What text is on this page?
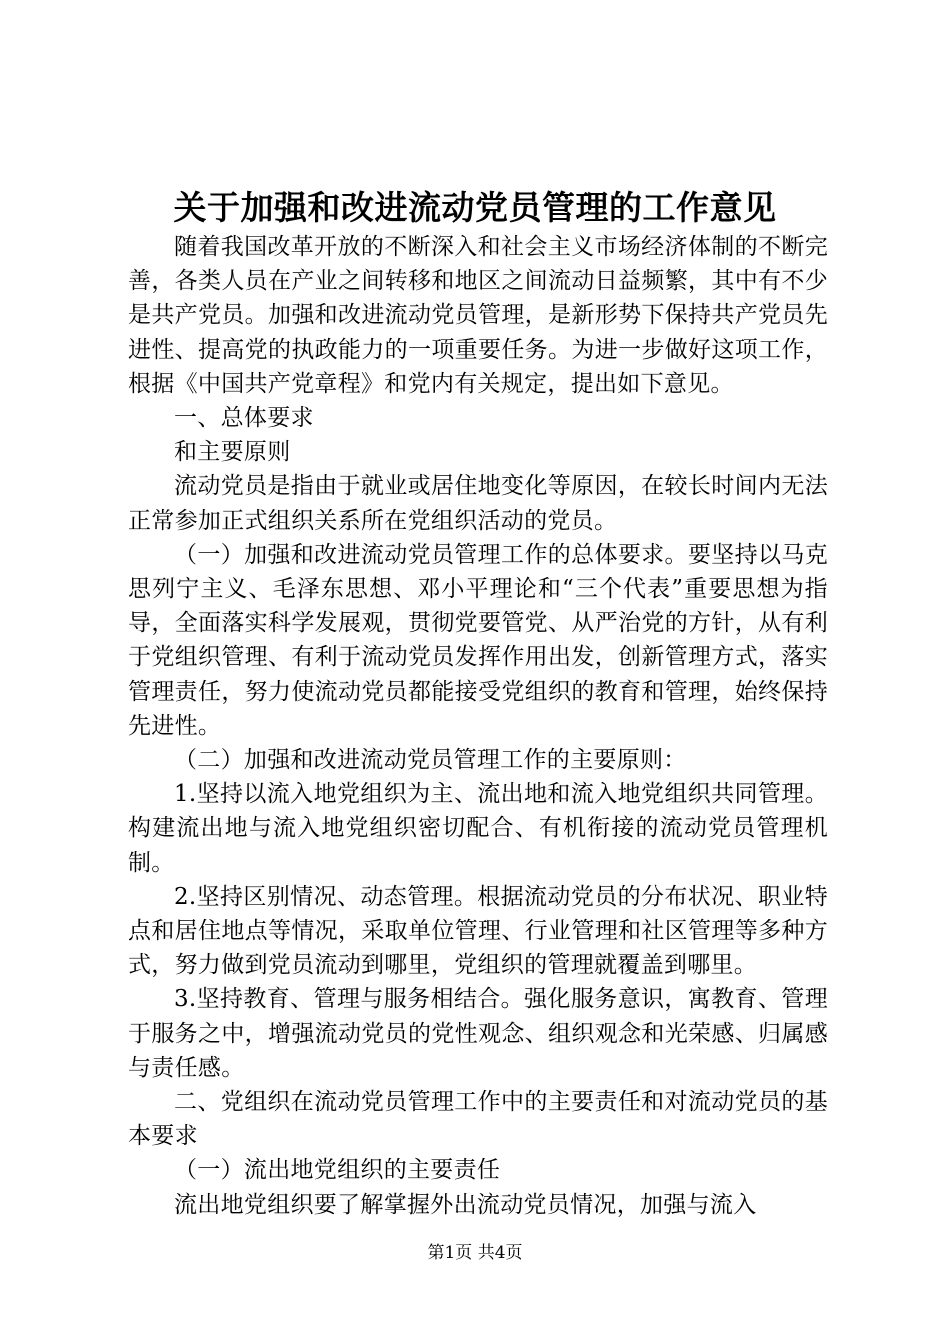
关于加强和改进流动党员管理的工作意见

随着我国改革开放的不断深入和社会主义市场经济体制的不断完善，各类人员在产业之间转移和地区之间流动日益频繁，其中有不少是共产党员。加强和改进流动党员管理，是新形势下保持共产党员先进性、提高党的执政能力的一项重要任务。为进一步做好这项工作，根据《中国共产党章程》和党内有关规定，提出如下意见。

一、总体要求

和主要原则

流动党员是指由于就业或居住地变化等原因，在较长时间内无法正常参加正式组织关系所在党组织活动的党员。

（一）加强和改进流动党员管理工作的总体要求。要坚持以马克思列宁主义、毛泽东思想、邓小平理论和“三个代表”重要思想为指导，全面落实科学发展观，贯彻党要管党、从严治党的方针，从有利于党组织管理、有利于流动党员发挥作用出发，创新管理方式，落实管理责任，努力使流动党员都能接受党组织的教育和管理，始终保持先进性。

（二）加强和改进流动党员管理工作的主要原则：

1.坚持以流入地党组织为主、流出地和流入地党组织共同管理。构建流出地与流入地党组织密切配合、有机衔接的流动党员管理机制。

2.坚持区别情况、动态管理。根据流动党员的分布状况、职业特点和居住地点等情况，采取单位管理、行业管理和社区管理等多种方式，努力做到党员流动到哪里，党组织的管理就覆盖到哪里。

3.坚持教育、管理与服务相结合。强化服务意识，寓教育、管理于服务之中，增强流动党员的党性观念、组织观念和光荣感、归属感与责任感。

二、党组织在流动党员管理工作中的主要责任和对流动党员的基本要求

（一）流出地党组织的主要责任

流出地党组织要了解掌握外出流动党员情况，加强与流入

第1页 共4页
